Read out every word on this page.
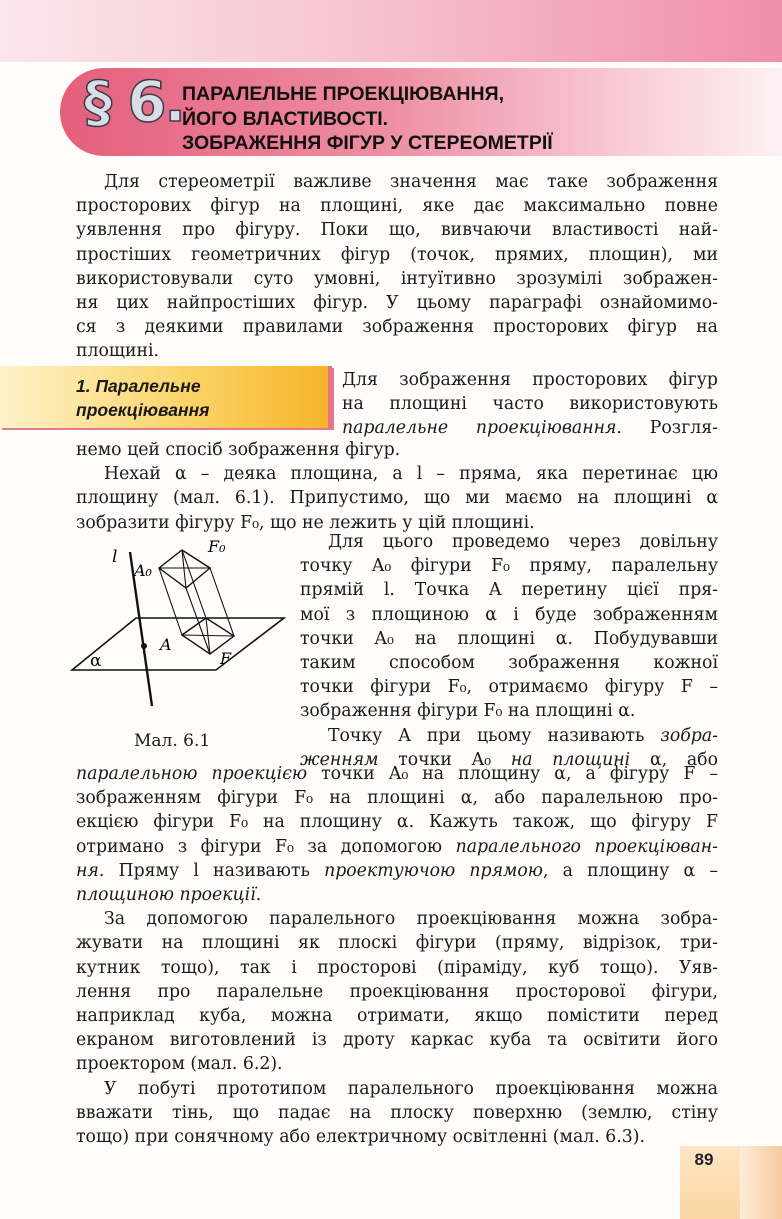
§ 6.
ПАРАЛЕЛЬНЕ ПРОЕКЦІЮВАННЯ,
ЙОГО ВЛАСТИВОСТІ.
ЗОБРАЖЕННЯ ФІГУР У СТЕРЕОМЕТРІЇ
Для стереометрії важливе значення має таке зображення
просторових фігур на площині, яке дає максимально повне
уявлення про фігуру. Поки що, вивчаючи властивості най-
простіших геометричних фігур (точок, прямих, площин), ми
використовували суто умовні, інтуїтивно зрозумілі зображен-
ня цих найпростіших фігур. У цьому параграфі ознайомимо-
ся з деякими правилами зображення просторових фігур на
площині.
1. Паралельне
проекціювання
Для зображення просторових фігур
на площині часто використовують
паралельне проекціювання. Розгля-
немо цей спосіб зображення фігур.
Нехай α – деяка площина, а l – пряма, яка перетинає цю
площину (мал. 6.1). Припустимо, що ми маємо на площині α
зобразити фігуру F₀, що не лежить у цій площині.
l
A₀
F₀
A
F
α
Мал. 6.1
Для цього проведемо через довільну
точку A₀ фігури F₀ пряму, паралельну
прямій l. Точка A перетину цієї пря-
мої з площиною α і буде зображенням
точки A₀ на площині α. Побудувавши
таким способом зображення кожної
точки фігури F₀, отримаємо фігуру F –
зображення фігури F₀ на площині α.
Точку A при цьому називають зобра-
женням точки A₀ на площині α, або
паралельною проекцією точки A₀ на площину α, а фігуру F –
зображенням фігури F₀ на площині α, або паралельною про-
екцією фігури F₀ на площину α. Кажуть також, що фігуру F
отримано з фігури F₀ за допомогою паралельного проекціюван-
ня. Пряму l називають проектуючою прямою, а площину α –
площиною проекції.
За допомогою паралельного проекціювання можна зобра-
жувати на площині як плоскі фігури (пряму, відрізок, три-
кутник тощо), так і просторові (піраміду, куб тощо). Уяв-
лення про паралельне проекціювання просторової фігури,
наприклад куба, можна отримати, якщо помістити перед
екраном виготовлений із дроту каркас куба та освітити його
проектором (мал. 6.2).
У побуті прототипом паралельного проекціювання можна
вважати тінь, що падає на плоску поверхню (землю, стіну
тощо) при сонячному або електричному освітленні (мал. 6.3).
89
